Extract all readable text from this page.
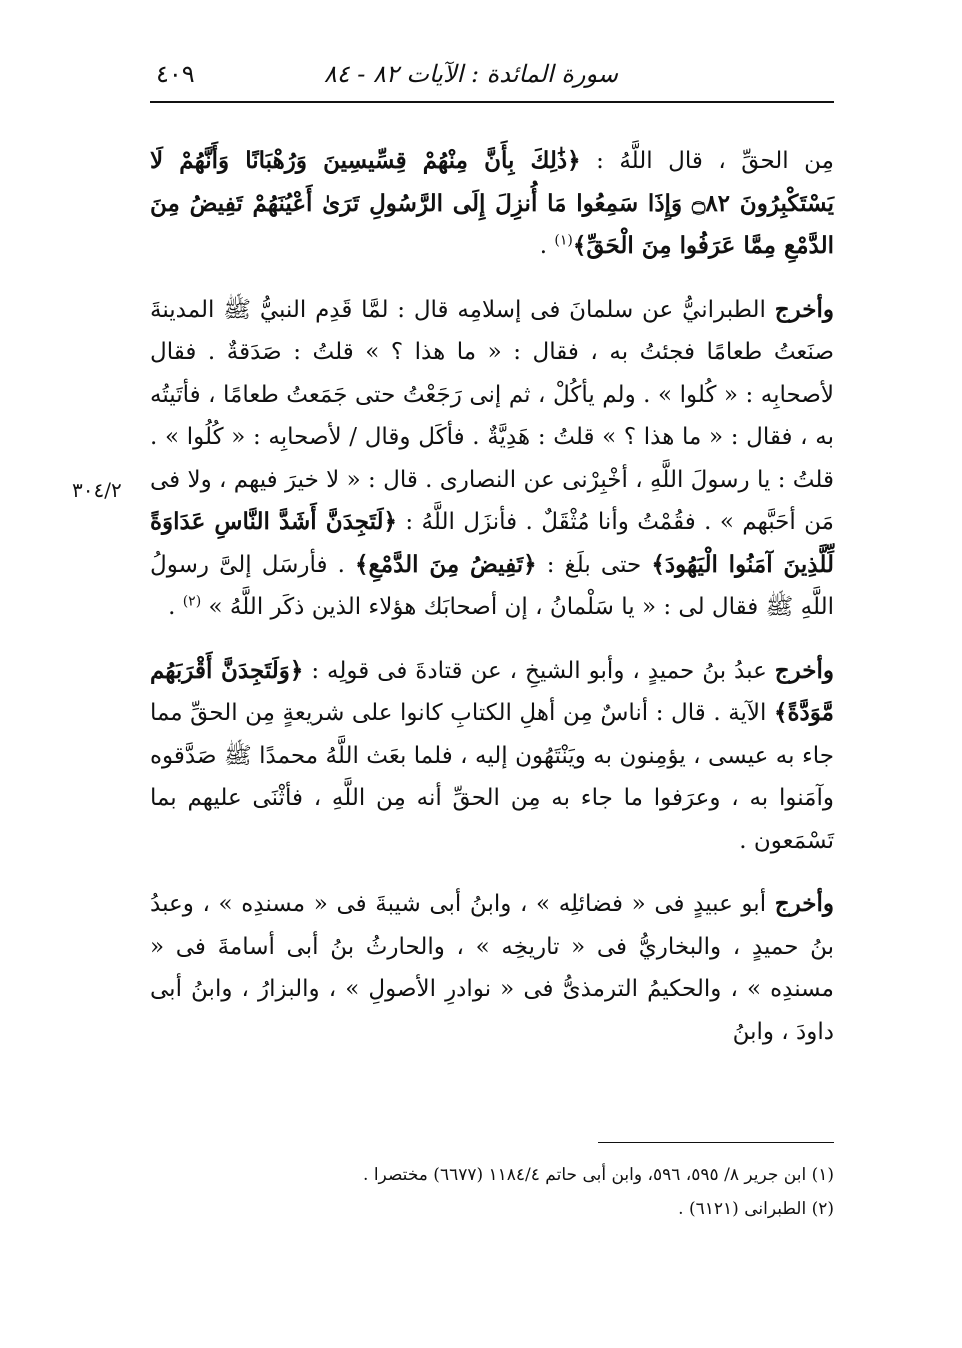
سورة المائدة : الآيات ٨٢ - ٨٤
٤٠٩
٣٠٤/٢

مِن الحقِّ ، قال اللَّهُ : ﴿ذَٰلِكَ بِأَنَّ مِنْهُمْ قِسِّيسِينَ وَرُهْبَانًا وَأَنَّهُمْ لَا يَسْتَكْبِرُونَ ۝٨٢ وَإِذَا سَمِعُوا مَا أُنزِلَ إِلَى الرَّسُولِ تَرَىٰ أَعْيُنَهُمْ تَفِيضُ مِنَ الدَّمْعِ مِمَّا عَرَفُوا مِنَ الْحَقِّ﴾$^{(١)}$ .

وأخرج الطبرانيُّ عن سلمانَ فى إسلامِه قال : لمَّا قَدِم النبيُّ ﷺ المدينةَ صنَعتُ طعامًا فجئتُ به ، فقال : « ما هذا ؟ » قلتُ : صَدَقةٌ . فقال لأصحابِه : « كُلوا » . ولم يأكُلْ ، ثم إنى رَجَعْتُ حتى جَمَعتُ طعامًا ، فأتَيتُه به ، فقال : « ما هذا ؟ » قلتُ : هَدِيَّةٌ . فأكَل وقال / لأصحابِه : « كُلُوا » . قلتُ : يا رسولَ اللَّهِ ، أخْبِرْنى عن النصارى . قال : « لا خيرَ فيهم ، ولا فى مَن أحَبَّهم » . فقُمْتُ وأنا مُثْقَلٌ . فأنزَل اللَّهُ : ﴿لَتَجِدَنَّ أَشَدَّ النَّاسِ عَدَاوَةً لِّلَّذِينَ آمَنُوا الْيَهُودَ﴾ حتى بلَغ : ﴿تَفِيضُ مِنَ الدَّمْعِ﴾ . فأرسَل إلىَّ رسولُ اللَّهِ ﷺ فقال لى : « يا سَلْمانُ ، إن أصحابَك هؤلاء الذين ذكَر اللَّهُ » $^{(٢)}$ .

وأخرج عبدُ بنُ حميدٍ ، وأبو الشيخِ ، عن قتادةَ فى قولِه : ﴿وَلَتَجِدَنَّ أَقْرَبَهُم مَّوَدَّةً﴾ الآية . قال : أناسٌ مِن أهلِ الكتابِ كانوا على شريعةٍ مِن الحقِّ مما جاء به عيسى ، يؤمِنون به ويَنْتَهُون إليه ، فلما بعَث اللَّهُ محمدًا ﷺ صَدَّقوه وآمَنوا به ، وعرَفوا ما جاء به مِن الحقِّ أنه مِن اللَّهِ ، فأثْنَى عليهم بما تَسْمَعون .

وأخرج أبو عبيدٍ فى « فضائلِه » ، وابنُ أبى شيبةَ فى « مسندِه » ، وعبدُ بنُ حميدٍ ، والبخاريُّ فى « تاريخِه » ، والحارثُ بنُ أبى أسامةَ فى « مسندِه » ، والحكيمُ الترمذىُّ فى « نوادرِ الأصولِ » ، والبزارُ ، وابنُ أبى داودَ ، وابنُ

(١) ابن جرير ٨/ ٥٩٥، ٥٩٦، وابن أبى حاتم ١١٨٤/٤ (٦٦٧٧) مختصرا .
(٢) الطبرانى (٦١٢١) .
